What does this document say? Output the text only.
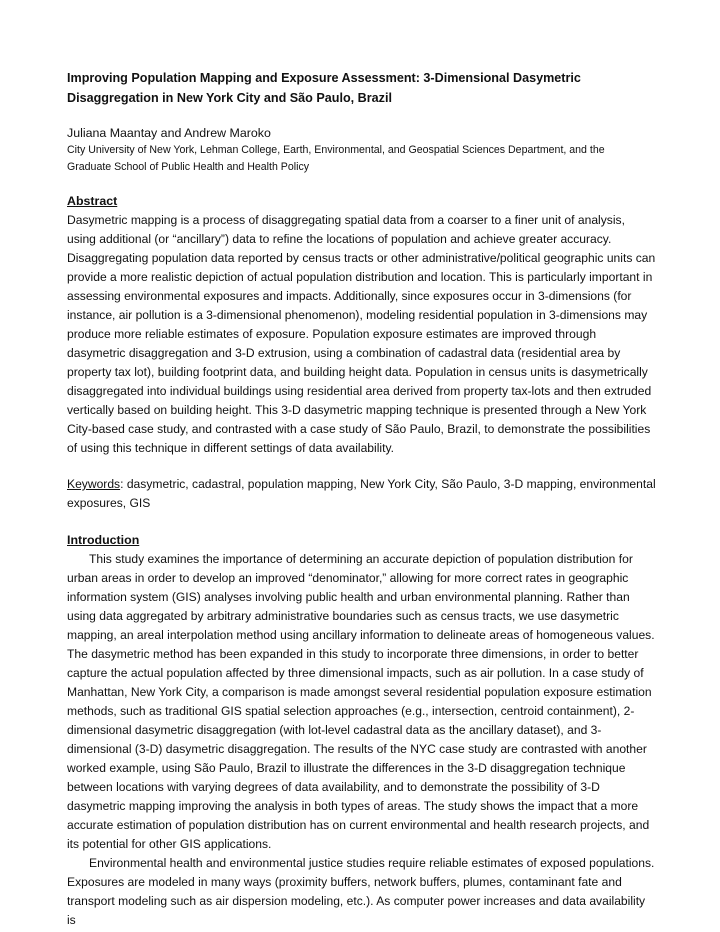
Improving Population Mapping and Exposure Assessment: 3-Dimensional Dasymetric
Disaggregation in New York City and São Paulo, Brazil

Juliana Maantay and Andrew Maroko

City University of New York, Lehman College, Earth, Environmental, and Geospatial Sciences Department, and the
Graduate School of Public Health and Health Policy

Abstract

Dasymetric mapping is a process of disaggregating spatial data from a coarser to a finer unit of analysis, using additional (or “ancillary”) data to refine the locations of population and achieve greater accuracy. Disaggregating population data reported by census tracts or other administrative/political geographic units can provide a more realistic depiction of actual population distribution and location. This is particularly important in assessing environmental exposures and impacts. Additionally, since exposures occur in 3-dimensions (for instance, air pollution is a 3-dimensional phenomenon), modeling residential population in 3-dimensions may produce more reliable estimates of exposure. Population exposure estimates are improved through dasymetric disaggregation and 3-D extrusion, using a combination of cadastral data (residential area by property tax lot), building footprint data, and building height data. Population in census units is dasymetrically disaggregated into individual buildings using residential area derived from property tax-lots and then extruded vertically based on building height. This 3-D dasymetric mapping technique is presented through a New York City-based case study, and contrasted with a case study of São Paulo, Brazil, to demonstrate the possibilities of using this technique in different settings of data availability.

Keywords: dasymetric, cadastral, population mapping, New York City, São Paulo, 3-D mapping, environmental exposures, GIS

Introduction

This study examines the importance of determining an accurate depiction of population distribution for urban areas in order to develop an improved “denominator,” allowing for more correct rates in geographic information system (GIS) analyses involving public health and urban environmental planning. Rather than using data aggregated by arbitrary administrative boundaries such as census tracts, we use dasymetric mapping, an areal interpolation method using ancillary information to delineate areas of homogeneous values. The dasymetric method has been expanded in this study to incorporate three dimensions, in order to better capture the actual population affected by three dimensional impacts, such as air pollution. In a case study of Manhattan, New York City, a comparison is made amongst several residential population exposure estimation methods, such as traditional GIS spatial selection approaches (e.g., intersection, centroid containment), 2-dimensional dasymetric disaggregation (with lot-level cadastral data as the ancillary dataset), and 3-dimensional (3-D) dasymetric disaggregation. The results of the NYC case study are contrasted with another worked example, using São Paulo, Brazil to illustrate the differences in the 3-D disaggregation technique between locations with varying degrees of data availability, and to demonstrate the possibility of 3-D dasymetric mapping improving the analysis in both types of areas. The study shows the impact that a more accurate estimation of population distribution has on current environmental and health research projects, and its potential for other GIS applications.

Environmental health and environmental justice studies require reliable estimates of exposed populations. Exposures are modeled in many ways (proximity buffers, network buffers, plumes, contaminant fate and transport modeling such as air dispersion modeling, etc.). As computer power increases and data availability is
